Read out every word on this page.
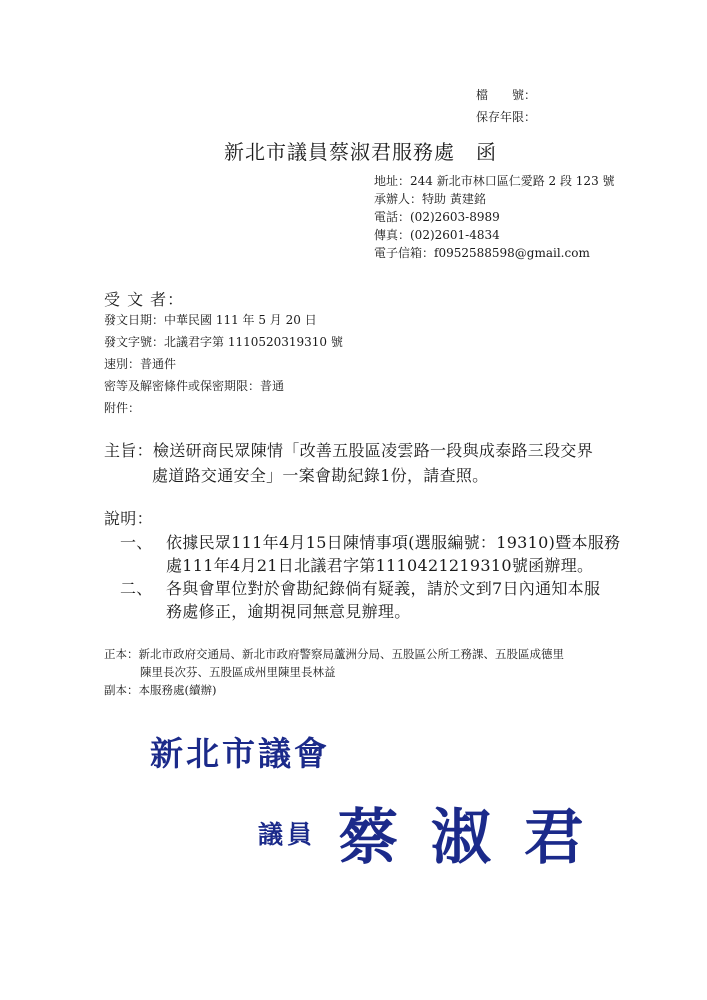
檔　　號：
保存年限：
新北市議員蔡淑君服務處　函
地址：244 新北市林口區仁愛路 2 段 123 號
承辦人：特助 黃建銘
電話：(02)2603-8989
傳真：(02)2601-4834
電子信箱：f0952588598@gmail.com
受 文 者：
發文日期：中華民國 111 年 5 月 20 日
發文字號：北議君字第 1110520319310 號
速別：普通件
密等及解密條件或保密期限：普通
附件：
主旨：檢送研商民眾陳情「改善五股區凌雲路一段與成泰路三段交界
處道路交通安全」一案會勘紀錄1份，請查照。
說明：
一、 依據民眾111年4月15日陳情事項(選服編號：19310)暨本服務
處111年4月21日北議君字第1110421219310號函辦理。
二、 各與會單位對於會勘紀錄倘有疑義，請於文到7日內通知本服
務處修正，逾期視同無意見辦理。
正本：新北市政府交通局、新北市政府警察局蘆洲分局、五股區公所工務課、五股區成德里
陳里長次芬、五股區成州里陳里長林益
副本：本服務處(續辦)
新北市議會
議員 蔡 淑 君
